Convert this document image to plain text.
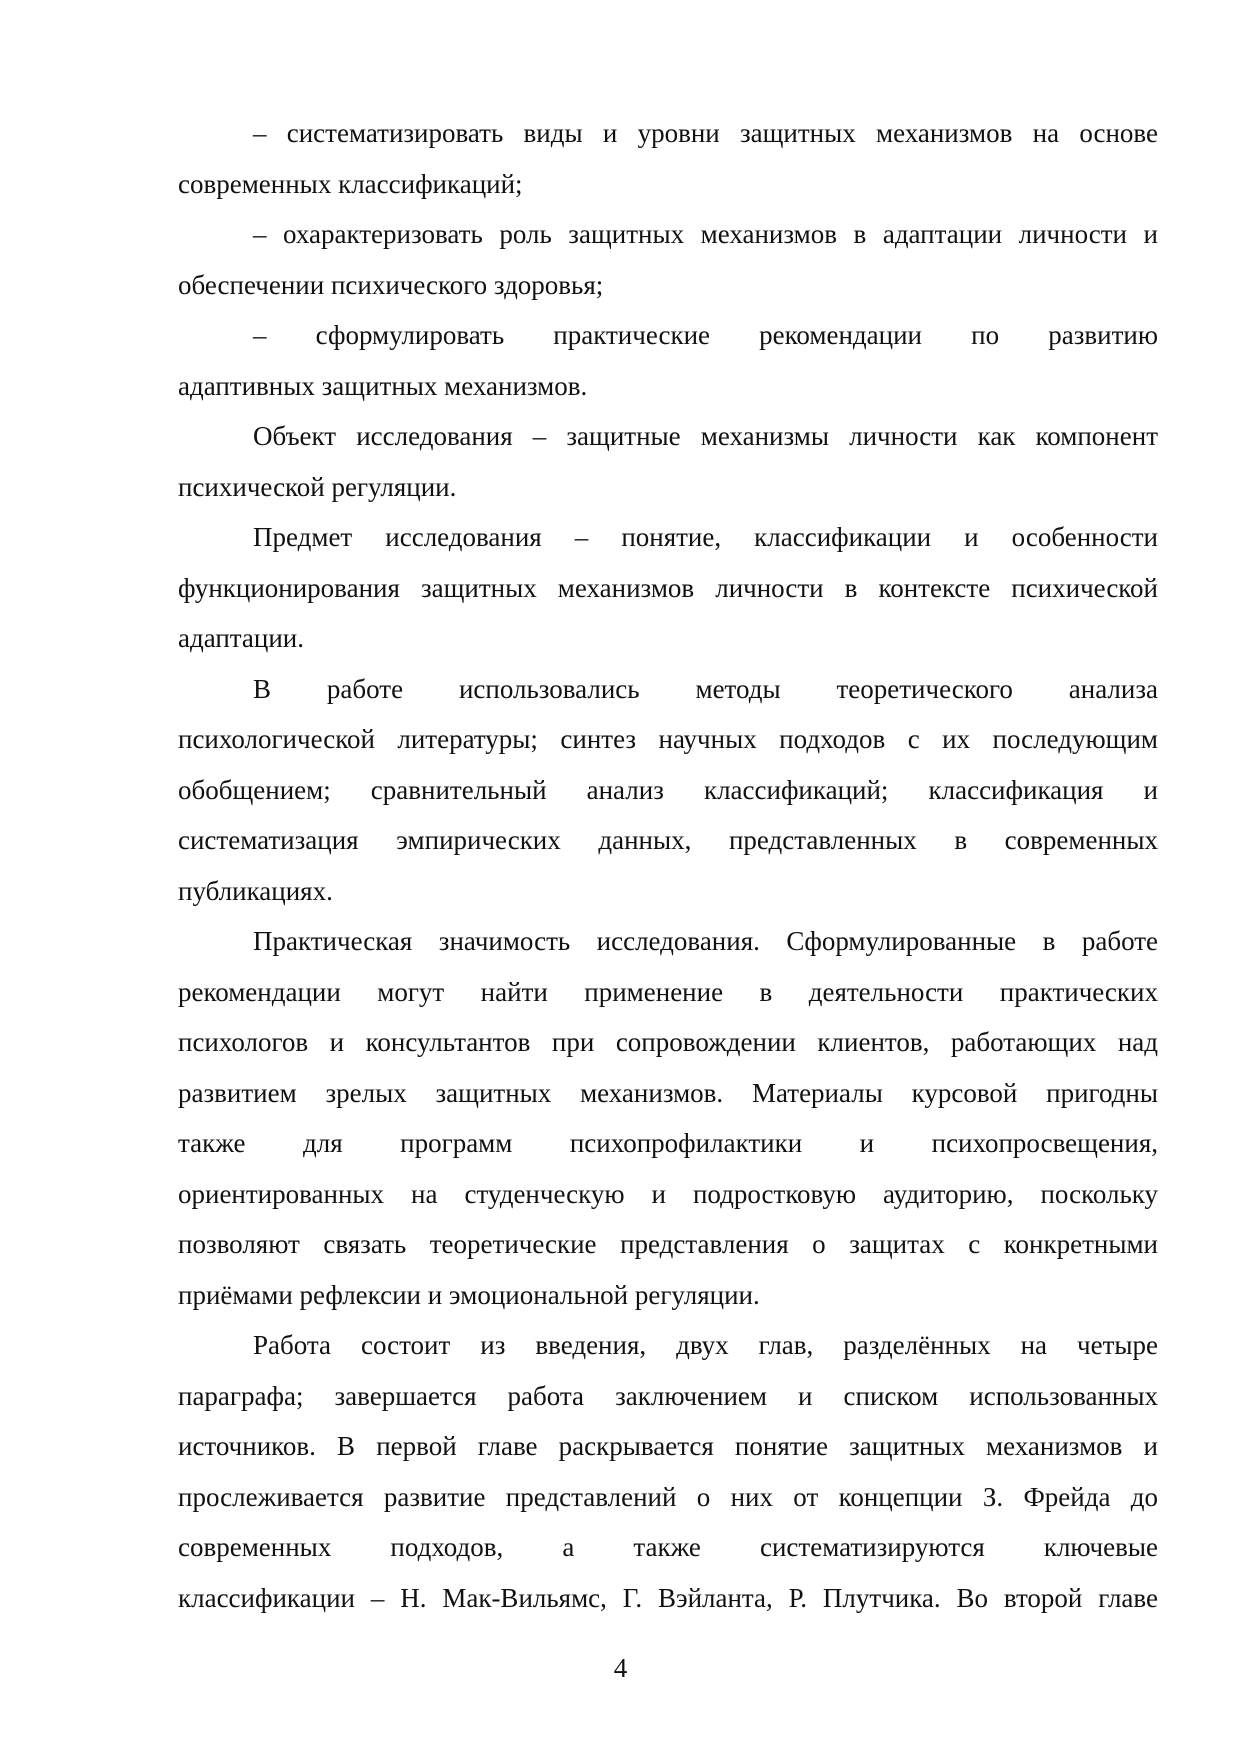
– систематизировать виды и уровни защитных механизмов на основе
современных классификаций;
– охарактеризовать роль защитных механизмов в адаптации личности и
обеспечении психического здоровья;
– сформулировать практические рекомендации по развитию
адаптивных защитных механизмов.
Объект исследования – защитные механизмы личности как компонент
психической регуляции.
Предмет исследования – понятие, классификации и особенности
функционирования защитных механизмов личности в контексте психической
адаптации.
В работе использовались методы теоретического анализа
психологической литературы; синтез научных подходов с их последующим
обобщением; сравнительный анализ классификаций; классификация и
систематизация эмпирических данных, представленных в современных
публикациях.
Практическая значимость исследования. Сформулированные в работе
рекомендации могут найти применение в деятельности практических
психологов и консультантов при сопровождении клиентов, работающих над
развитием зрелых защитных механизмов. Материалы курсовой пригодны
также для программ психопрофилактики и психопросвещения,
ориентированных на студенческую и подростковую аудиторию, поскольку
позволяют связать теоретические представления о защитах с конкретными
приёмами рефлексии и эмоциональной регуляции.
Работа состоит из введения, двух глав, разделённых на четыре
параграфа; завершается работа заключением и списком использованных
источников. В первой главе раскрывается понятие защитных механизмов и
прослеживается развитие представлений о них от концепции З. Фрейда до
современных подходов, а также систематизируются ключевые
классификации – Н. Мак-Вильямс, Г. Вэйланта, Р. Плутчика. Во второй главе
4
